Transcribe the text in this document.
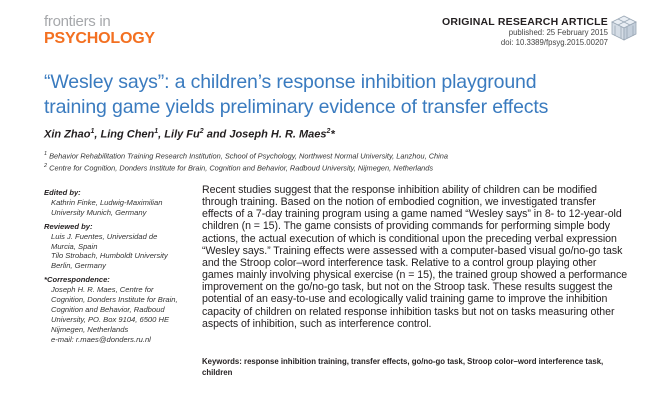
frontiers in
PSYCHOLOGY
ORIGINAL RESEARCH ARTICLE
published: 25 February 2015
doi: 10.3389/fpsyg.2015.00207
“Wesley says”: a children’s response inhibition playground
training game yields preliminary evidence of transfer effects
Xin Zhao$^1$, Ling Chen$^1$, Lily Fu$^2$ and Joseph H. R. Maes$^2$*
$^1$ Behavior Rehabilitation Training Research Institution, School of Psychology, Northwest Normal University, Lanzhou, China
$^2$ Centre for Cognition, Donders Institute for Brain, Cognition and Behavior, Radboud University, Nijmegen, Netherlands
Edited by:
Kathrin Finke, Ludwig-Maximilian
University Munich, Germany
Reviewed by:
Luis J. Fuentes, Universidad de
Murcia, Spain
Tilo Strobach, Humboldt University
Berlin, Germany
*Correspondence:
Joseph H. R. Maes, Centre for
Cognition, Donders Institute for Brain,
Cognition and Behavior, Radboud
University, PO. Box 9104, 6500 HE
Nijmegen, Netherlands
e-mail: r.maes@donders.ru.nl
Recent studies suggest that the response inhibition ability of children can be modified
through training. Based on the notion of embodied cognition, we investigated transfer
effects of a 7-day training program using a game named “Wesley says” in 8- to 12-year-old
children (n = 15). The game consists of providing commands for performing simple body
actions, the actual execution of which is conditional upon the preceding verbal expression
“Wesley says.” Training effects were assessed with a computer-based visual go/no-go task
and the Stroop color–word interference task. Relative to a control group playing other
games mainly involving physical exercise (n = 15), the trained group showed a performance
improvement on the go/no-go task, but not on the Stroop task. These results suggest the
potential of an easy-to-use and ecologically valid training game to improve the inhibition
capacity of children on related response inhibition tasks but not on tasks measuring other
aspects of inhibition, such as interference control.
Keywords: response inhibition training, transfer effects, go/no-go task, Stroop color–word interference task,
children
